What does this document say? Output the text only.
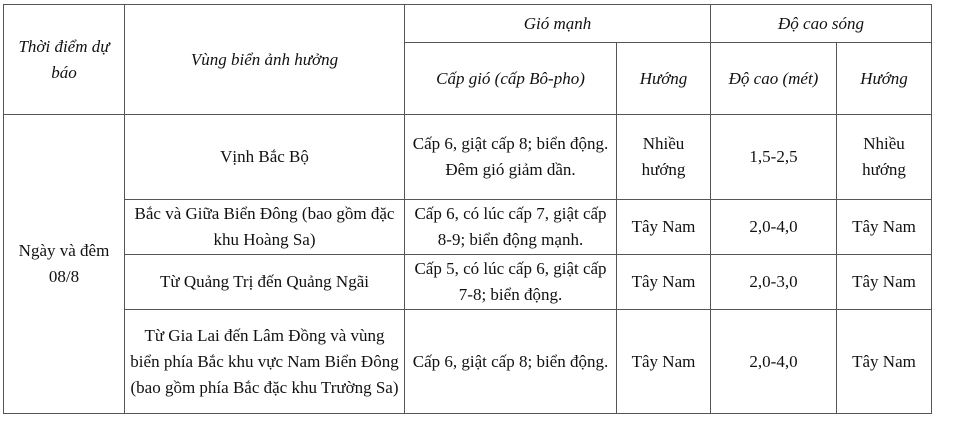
Thời điểm dự báo	Vùng biển ảnh hưởng	Gió mạnh		Độ cao sóng	
		Cấp gió (cấp Bô-pho)	Hướng	Độ cao (mét)	Hướng
Ngày và đêm 08/8	Vịnh Bắc Bộ	Cấp 6, giật cấp 8; biển động. Đêm gió giảm dần.	Nhiều hướng	1,5-2,5	Nhiều hướng
	Bắc và Giữa Biển Đông (bao gồm đặc khu Hoàng Sa)	Cấp 6, có lúc cấp 7, giật cấp 8-9; biển động mạnh.	Tây Nam	2,0-4,0	Tây Nam
	Từ Quảng Trị đến Quảng Ngãi	Cấp 5, có lúc cấp 6, giật cấp 7-8; biển động.	Tây Nam	2,0-3,0	Tây Nam
	Từ Gia Lai đến Lâm Đồng và vùng biển phía Bắc khu vực Nam Biển Đông (bao gồm phía Bắc đặc khu Trường Sa)	Cấp 6, giật cấp 8; biển động.	Tây Nam	2,0-4,0	Tây Nam
